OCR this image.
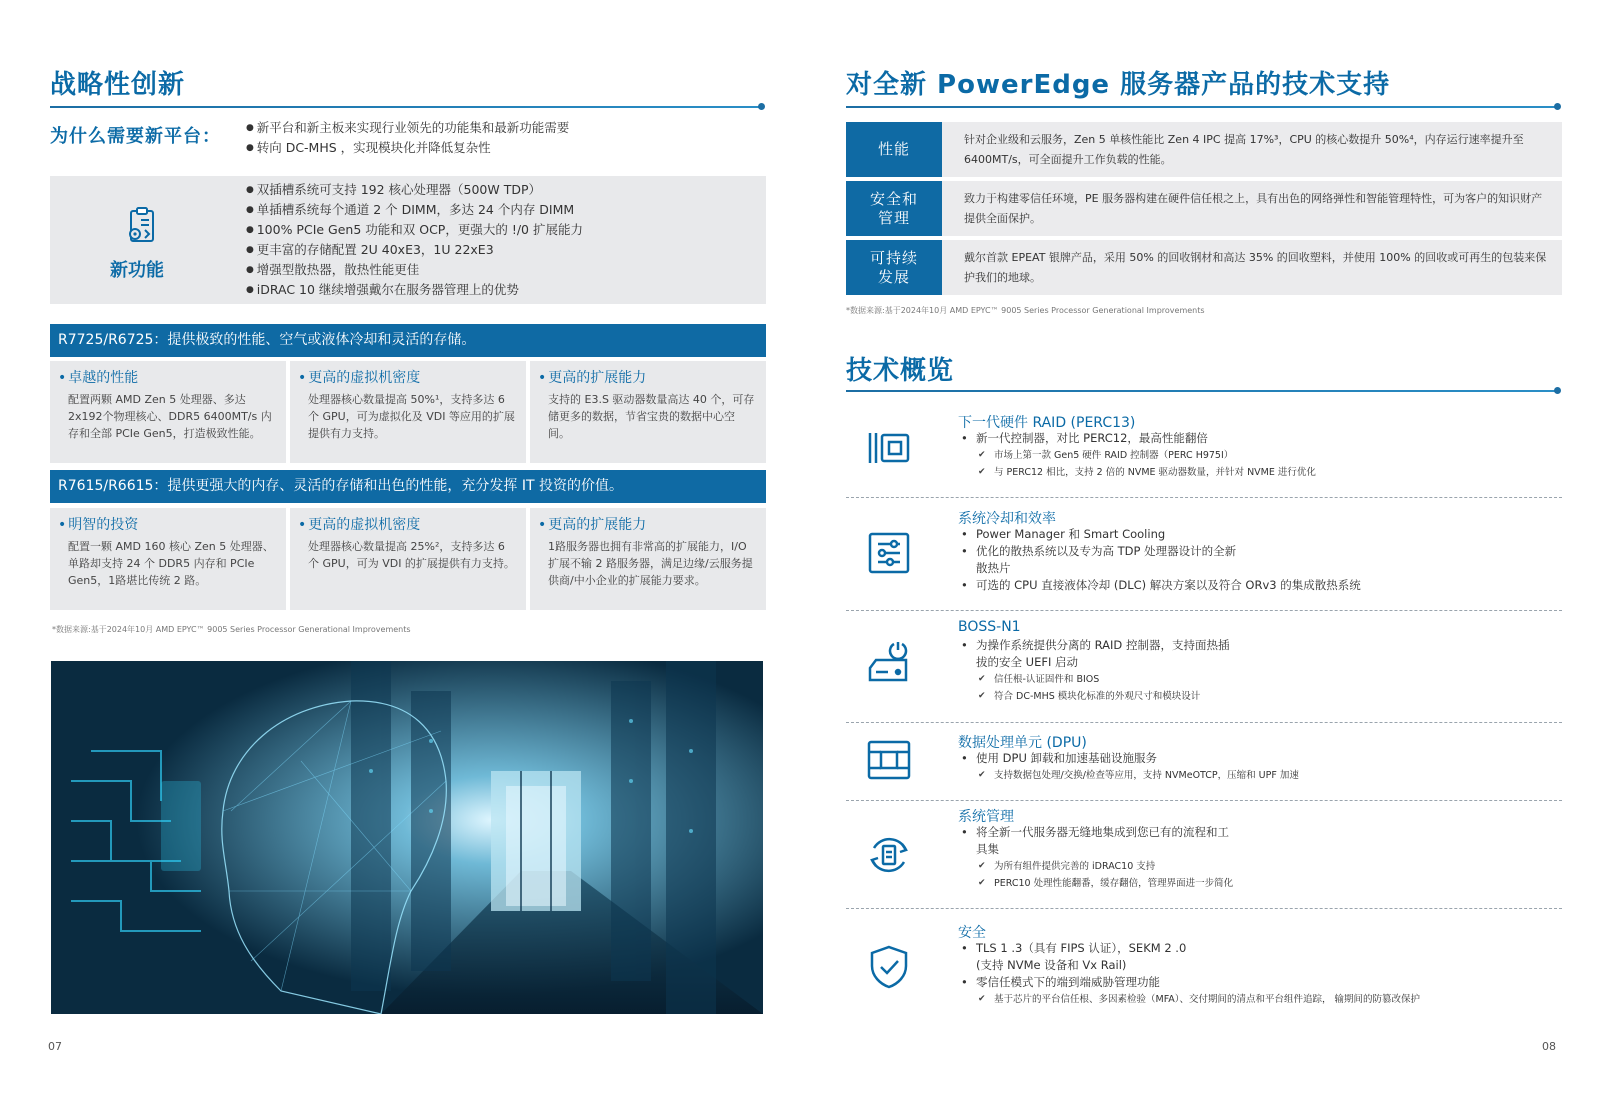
战略性创新
为什么需要新平台：
●	新平台和新主板来实现行业领先的功能集和最新功能需要
● 转向 DC-MHS ，实现模块化并降低复杂性
新功能
● 双插槽系统可支持 192 核心处理器（500W TDP）
● 单插槽系统每个通道 2 个 DIMM，多达 24 个内存 DIMM
● 100% PCIe Gen5 功能和双 OCP，更强大的 !/0 扩展能力
● 更丰富的存储配置 2U 40xE3，1U 22xE3
● 增强型散热器，散热性能更佳
● iDRAC 10 继续增强戴尔在服务器管理上的优势
R7725/R6725：提供极致的性能、空气或液体冷却和灵活的存储。
• 卓越的性能
配置两颗 AMD Zen 5 处理器、多达 2x192个物理核心、DDR5 6400MT/s 内存和全部 PCIe Gen5，打造极致性能。
• 更高的虚拟机密度
处理器核心数量提高 50%¹，支持多达 6 个 GPU，可为虚拟化及 VDI 等应用的扩展提供有力支持。
• 更高的扩展能力
支持的 E3.S 驱动器数量高达 40 个，可存储更多的数据，节省宝贵的数据中心空间。
R7615/R6615：提供更强大的内存、灵活的存储和出色的性能，充分发挥 IT 投资的价值。
• 明智的投资
配置一颗 AMD 160 核心 Zen 5 处理器、单路却支持 24 个 DDR5 内存和 PCIe Gen5，1路堪比传统 2 路。
• 更高的虚拟机密度
处理器核心数量提高 25%²，支持多达 6 个 GPU，可为 VDI 的扩展提供有力支持。
• 更高的扩展能力
1路服务器也拥有非常高的扩展能力，I/O 扩展不输 2 路服务器，满足边缘/云服务提供商/中小企业的扩展能力要求。
*数据来源:基于2024年10月 AMD EPYC™ 9005 Series Processor Generational Improvements
07
对全新 PowerEdge 服务器产品的技术支持
性能
针对企业级和云服务，Zen 5 单核性能比 Zen 4 IPC 提高 17%³，CPU 的核心数提升 50%⁴，内存运行速率提升至 6400MT/s，可全面提升工作负载的性能。
安全和
管理
致力于构建零信任环境，PE 服务器构建在硬件信任根之上，具有出色的网络弹性和智能管理特性，可为客户的知识财产提供全面保护。
可持续
发展
戴尔首款 EPEAT 银牌产品，采用 50% 的回收钢材和高达 35% 的回收塑料，并使用 100% 的回收或可再生的包装来保护我们的地球。
*数据来源:基于2024年10月 AMD EPYC™ 9005 Series Processor Generational Improvements
技术概览
下一代硬件 RAID (PERC13)
• 新一代控制器，对比 PERC12，最高性能翻倍
✔ 市场上第一款 Gen5 硬件 RAID 控制器（PERC H975I）
✔ 与 PERC12 相比，支持 2 倍的 NVME 驱动器数量，并针对 NVME 进行优化
系统冷却和效率
• Power Manager 和 Smart Cooling
• 优化的散热系统以及专为高 TDP 处理器设计的全新
散热片
• 可选的 CPU 直接液体冷却 (DLC) 解决方案以及符合 ORv3 的集成散热系统
BOSS-N1
• 为操作系统提供分离的 RAID 控制器，支持面热插
拔的安全 UEFI 启动
✔ 信任根-认证固件和 BIOS
✔ 符合 DC-MHS 模块化标准的外观尺寸和模块设计
数据处理单元 (DPU)
• 使用 DPU 卸载和加速基础设施服务
✔ 支持数据包处理/交换/检查等应用，支持 NVMeOTCP，压缩和 UPF 加速
系统管理
• 将全新一代服务器无缝地集成到您已有的流程和工
具集
✔ 为所有组件提供完善的 iDRAC10 支持
✔ PERC10 处理性能翻番，缓存翻倍，管理界面进一步简化
安全
• TLS 1 .3（具有 FIPS 认证），SEKM 2 .0
(支持 NVMe 设备和 Vx Rail)
• 零信任模式下的端到端威胁管理功能
✔ 基于芯片的平台信任根、多因素检验（MFA）、交付期间的清点和平台组件追踪， 输期间的防篡改保护
08
